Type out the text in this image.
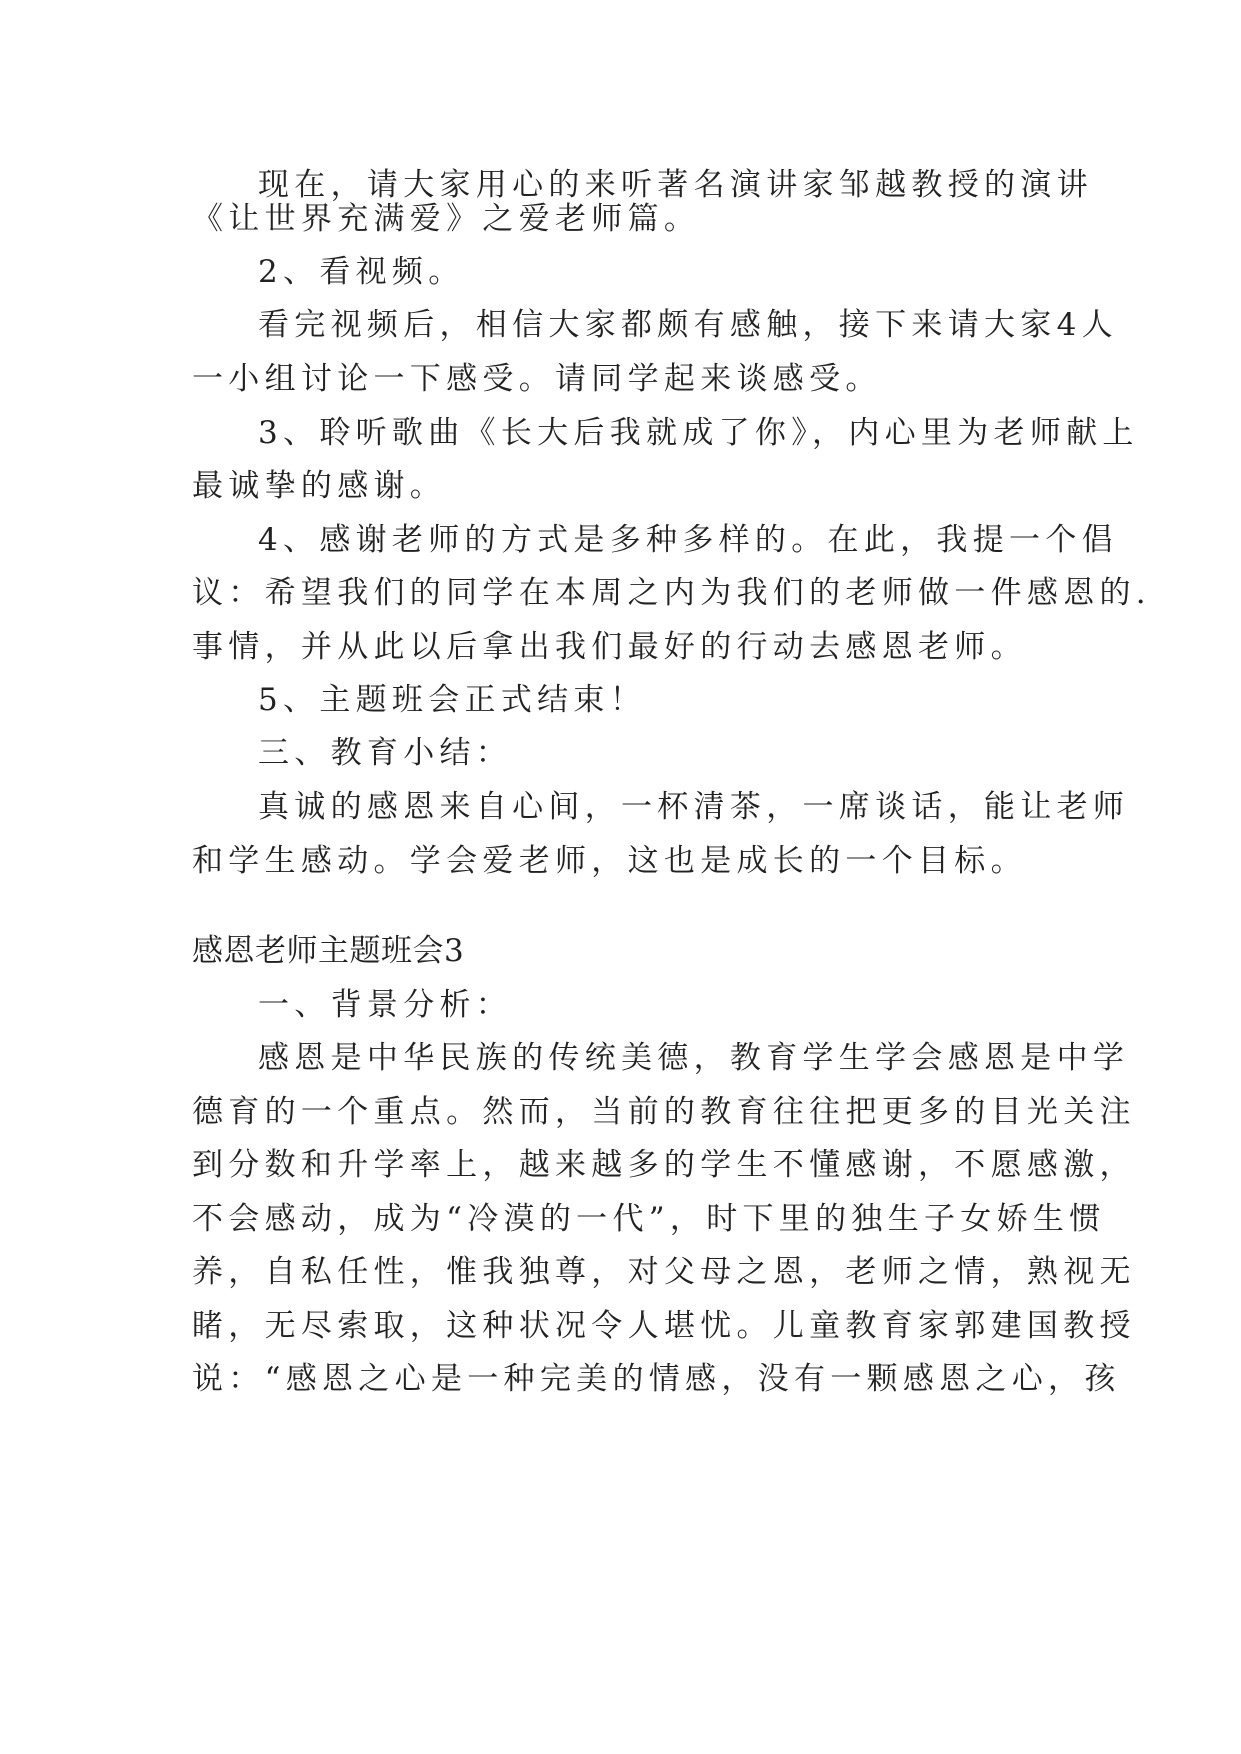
现在，请大家用心的来听著名演讲家邹越教授的演讲
《让世界充满爱》之爱老师篇。
2、看视频。
看完视频后，相信大家都颇有感触，接下来请大家4人
一小组讨论一下感受。请同学起来谈感受。
3、聆听歌曲《长大后我就成了你》，内心里为老师献上
最诚挚的感谢。
4、感谢老师的方式是多种多样的。在此，我提一个倡
议：希望我们的同学在本周之内为我们的老师做一件感恩的.
事情，并从此以后拿出我们最好的行动去感恩老师。
5、主题班会正式结束！
三、教育小结：
真诚的感恩来自心间，一杯清茶，一席谈话，能让老师
和学生感动。学会爱老师，这也是成长的一个目标。
感恩老师主题班会3
一、背景分析：
感恩是中华民族的传统美德，教育学生学会感恩是中学
德育的一个重点。然而，当前的教育往往把更多的目光关注
到分数和升学率上，越来越多的学生不懂感谢，不愿感激，
不会感动，成为“冷漠的一代”，时下里的独生子女娇生惯
养，自私任性，惟我独尊，对父母之恩，老师之情，熟视无
睹，无尽索取，这种状况令人堪忧。儿童教育家郭建国教授
说：“感恩之心是一种完美的情感，没有一颗感恩之心，孩
